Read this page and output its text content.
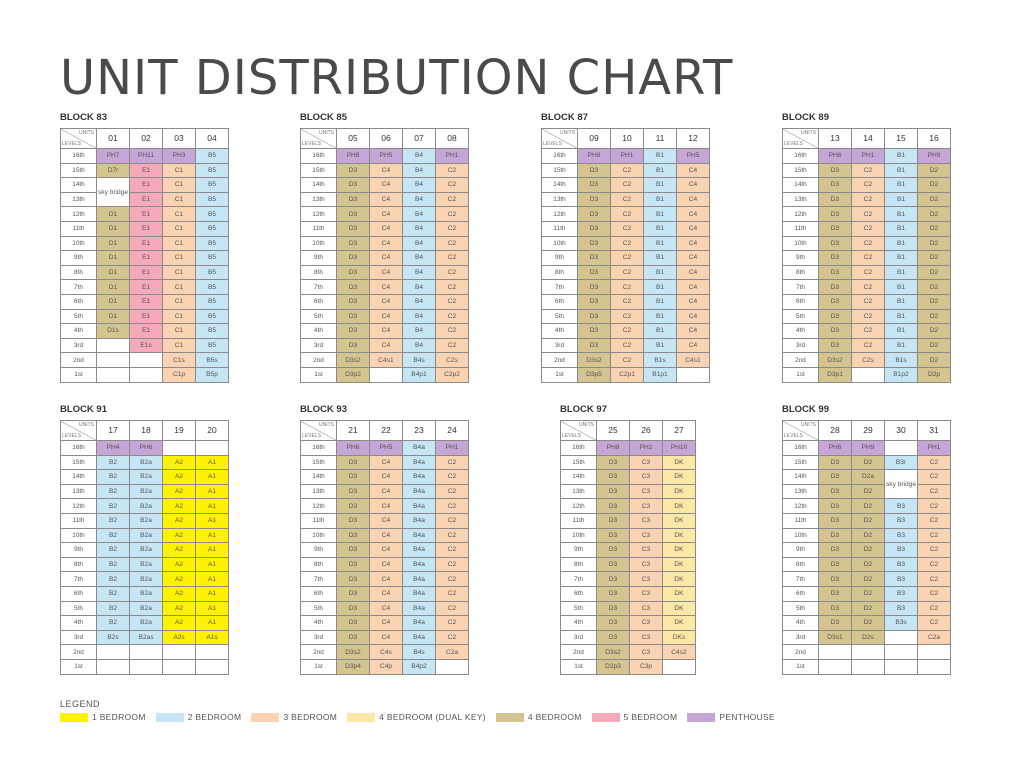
UNIT DISTRIBUTION CHART
BLOCK 83
UNITS
LEVELS	01	02	03	04
16th	PH7	PH11	PH3	B5
15th	D7r	E1	C1	B5
14th	sky bridge	E1	C1	B5
13th		E1	C1	B5
12th	D1	E1	C1	B5
11th	D1	E1	C1	B5
10th	D1	E1	C1	B5
9th	D1	E1	C1	B5
8th	D1	E1	C1	B5
7th	D1	E1	C1	B5
6th	D1	E1	C1	B5
5th	D1	E1	C1	B5
4th	D1s	E1	C1	B5
3rd		E1s	C1	B5
2nd			C1s	B5s
1st			C1p	B5p
BLOCK 85
UNITS
LEVELS	05	06	07	08
16th	PH8	PH5	B4	PH1
15th	D3	C4	B4	C2
14th	D3	C4	B4	C2
13th	D3	C4	B4	C2
12th	D3	C4	B4	C2
11th	D3	C4	B4	C2
10th	D3	C4	B4	C2
9th	D3	C4	B4	C2
8th	D3	C4	B4	C2
7th	D3	C4	B4	C2
6th	D3	C4	B4	C2
5th	D3	C4	B4	C2
4th	D3	C4	B4	C2
3rd	D3	C4	B4	C2
2nd	D3s2	C4s1	B4s	C2s
1st	D3p2		B4p1	C2p2
BLOCK 87
UNITS
LEVELS	09	10	11	12
16th	PH8	PH1	B1	PH5
15th	D3	C2	B1	C4
14th	D3	C2	B1	C4
13th	D3	C2	B1	C4
12th	D3	C2	B1	C4
11th	D3	C2	B1	C4
10th	D3	C2	B1	C4
9th	D3	C2	B1	C4
8th	D3	C2	B1	C4
7th	D3	C2	B1	C4
6th	D3	C2	B1	C4
5th	D3	C2	B1	C4
4th	D3	C2	B1	C4
3rd	D3	C2	B1	C4
2nd	D3s2	C2	B1s	C4s1
1st	D3p5	C2p1	B1p1	
BLOCK 89
UNITS
LEVELS	13	14	15	16
16th	PH6	PH1	B1	PH9
15th	D3	C2	B1	D2
14th	D3	C2	B1	D2
13th	D3	C2	B1	D2
12th	D3	C2	B1	D2
11th	D3	C2	B1	D2
10th	D3	C2	B1	D2
9th	D3	C2	B1	D2
8th	D3	C2	B1	D2
7th	D3	C2	B1	D2
6th	D3	C2	B1	D2
5th	D3	C2	B1	D2
4th	D3	C2	B1	D2
3rd	D3	C2	B1	D2
2nd	D3s2	C2s	B1s	D2
1st	D3p1		B1p2	D2p
BLOCK 91
UNITS
LEVELS	17	18	19	20
16th	PH4	PH6		
15th	B2	B2a	A2	A1
14th	B2	B2a	A2	A1
13th	B2	B2a	A2	A1
12th	B2	B2a	A2	A1
11th	B2	B2a	A2	A1
10th	B2	B2a	A2	A1
9th	B2	B2a	A2	A1
8th	B2	B2a	A2	A1
7th	B2	B2a	A2	A1
6th	B2	B2a	A2	A1
5th	B2	B2a	A2	A1
4th	B2	B2a	A2	A1
3rd	B2s	B2as	A2s	A1s
2nd				
1st				
BLOCK 93
UNITS
LEVELS	21	22	23	24
16th	PH6	PH5	B4a	PH1
15th	D3	C4	B4a	C2
14th	D3	C4	B4a	C2
13th	D3	C4	B4a	C2
12th	D3	C4	B4a	C2
11th	D3	C4	B4a	C2
10th	D3	C4	B4a	C2
9th	D3	C4	B4a	C2
8th	D3	C4	B4a	C2
7th	D3	C4	B4a	C2
6th	D3	C4	B4a	C2
5th	D3	C4	B4a	C2
4th	D3	C4	B4a	C2
3rd	D3	C4	B4a	C2
2nd	D3s2	C4s	B4s	C2a
1st	D3p4	C4p	B4p2	
BLOCK 97
UNITS
LEVELS	25	26	27
16th	PH8	PH2	PH10
15th	D3	C3	DK
14th	D3	C3	DK
13th	D3	C3	DK
12th	D3	C3	DK
11th	D3	C3	DK
10th	D3	C3	DK
9th	D3	C3	DK
8th	D3	C3	DK
7th	D3	C3	DK
6th	D3	C3	DK
5th	D3	C3	DK
4th	D3	C3	DK
3rd	D3	C3	DKs
2nd	D3s2	C3	C4s2
1st	D2p3	C3p	
BLOCK 99
UNITS
LEVELS	28	29	30	31
16th	PH6	PH9		PH1
15th	D3	D2	B3r	C2
14th	D3	D2a	sky bridge	C2
13th	D3	D2		C2
12th	D3	D2	B3	C2
11th	D3	D2	B3	C2
10th	D3	D2	B3	C2
9th	D3	D2	B3	C2
8th	D3	D2	B3	C2
7th	D3	D2	B3	C2
6th	D3	D2	B3	C2
5th	D3	D2	B3	C2
4th	D3	D2	B3s	C2
3rd	D3s1	D2s		C2a
2nd				
1st				
LEGEND
1 BEDROOM	2 BEDROOM	3 BEDROOM	4 BEDROOM (DUAL KEY)	4 BEDROOM	5 BEDROOM	PENTHOUSE
